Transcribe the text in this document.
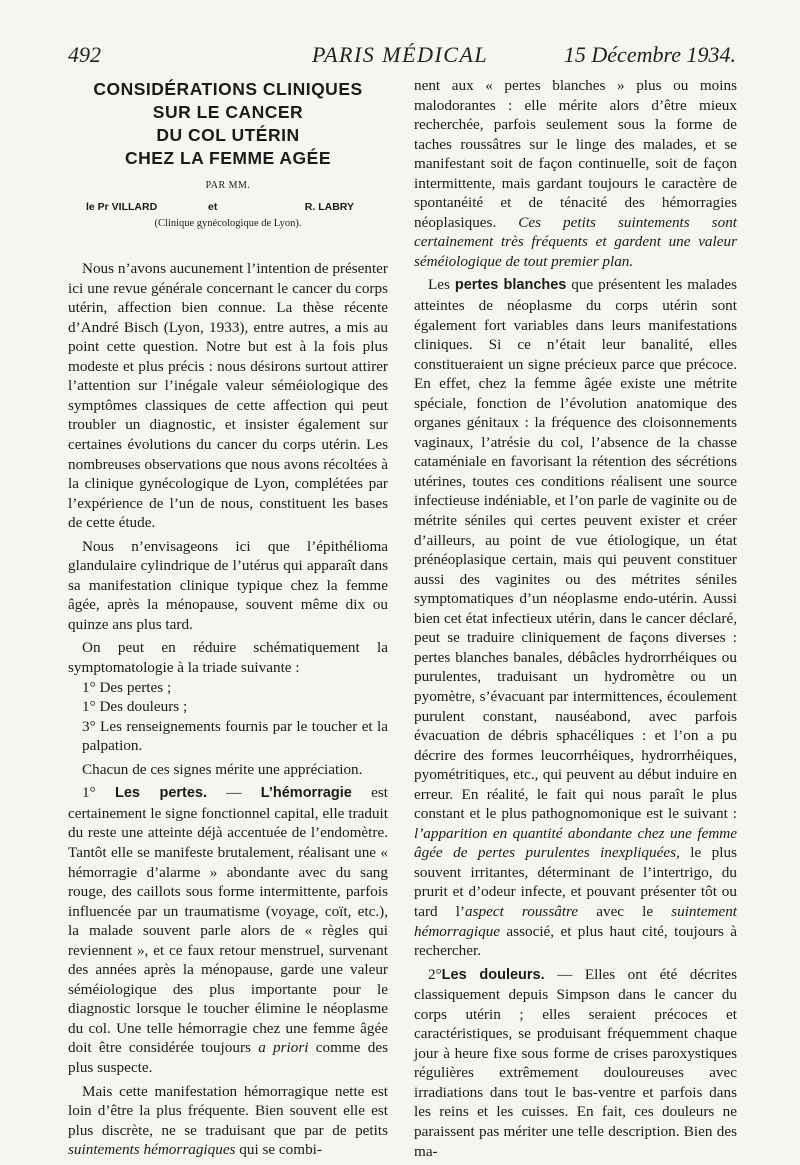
492	PARIS MÉDICAL	15 Décembre 1934.
CONSIDÉRATIONS CLINIQUES
SUR LE CANCER
DU COL UTÉRIN
CHEZ LA FEMME AGÉE
PAR MM.
le Pr VILLARD	et	R. LABRY
(Clinique gynécologique de Lyon).

Nous n’avons aucunement l’intention de présenter ici une revue générale concernant le cancer du corps utérin, affection bien connue. La thèse récente d’André Bisch (Lyon, 1933), entre autres, a mis au point cette question. Notre but est à la fois plus modeste et plus précis : nous désirons surtout attirer l’attention sur l’inégale valeur séméiologique des symptômes classiques de cette affection qui peut troubler un diagnostic, et insister également sur certaines évolutions du cancer du corps utérin. Les nombreuses observations que nous avons récoltées à la clinique gynécologique de Lyon, complétées par l’expérience de l’un de nous, constituent les bases de cette étude.

Nous n’envisageons ici que l’épithélioma glandulaire cylindrique de l’utérus qui apparaît dans sa manifestation clinique typique chez la femme âgée, après la ménopause, souvent même dix ou quinze ans plus tard.

On peut en réduire schématiquement la symptomatologie à la triade suivante :

1° Des pertes ;

1° Des douleurs ;

3° Les renseignements fournis par le toucher et la palpation.

Chacun de ces signes mérite une appréciation.

1° Les pertes. — L’hémorragie est certainement le signe fonctionnel capital, elle traduit du reste une atteinte déjà accentuée de l’endomètre. Tantôt elle se manifeste brutalement, réalisant une « hémorragie d’alarme » abondante avec du sang rouge, des caillots sous forme intermittente, parfois influencée par un traumatisme (voyage, coït, etc.), la malade souvent parle alors de « règles qui reviennent », et ce faux retour menstruel, survenant des années après la ménopause, garde une valeur séméiologique des plus importante pour le diagnostic lorsque le toucher élimine le néoplasme du col. Une telle hémorragie chez une femme âgée doit être considérée toujours a priori comme des plus suspecte.

Mais cette manifestation hémorragique nette est loin d’être la plus fréquente. Bien souvent elle est plus discrète, ne se traduisant que par de petits suintements hémorragiques qui se combi-

nent aux « pertes blanches » plus ou moins malodorantes : elle mérite alors d’être mieux recherchée, parfois seulement sous la forme de taches roussâtres sur le linge des malades, et se manifestant soit de façon continuelle, soit de façon intermittente, mais gardant toujours le caractère de spontanéité et de ténacité des hémorragies néoplasiques. Ces petits suintements sont certainement très fréquents et gardent une valeur séméiologique de tout premier plan.

Les pertes blanches que présentent les malades atteintes de néoplasme du corps utérin sont également fort variables dans leurs manifestations cliniques. Si ce n’était leur banalité, elles constitueraient un signe précieux parce que précoce. En effet, chez la femme âgée existe une métrite spéciale, fonction de l’évolution anatomique des organes génitaux : la fréquence des cloisonnements vaginaux, l’atrésie du col, l’absence de la chasse cataméniale en favorisant la rétention des sécrétions utérines, toutes ces conditions réalisent une source infectieuse indéniable, et l’on parle de vaginite ou de métrite séniles qui certes peuvent exister et créer d’ailleurs, au point de vue étiologique, un état prénéoplasique certain, mais qui peuvent constituer aussi des vaginites ou des métrites séniles symptomatiques d’un néoplasme endo-utérin. Aussi bien cet état infectieux utérin, dans le cancer déclaré, peut se traduire cliniquement de façons diverses : pertes blanches banales, débâcles hydrorrhéiques ou purulentes, traduisant un hydromètre ou un pyomètre, s’évacuant par intermittences, écoulement purulent constant, nauséabond, avec parfois évacuation de débris sphacéliques : et l’on a pu décrire des formes leucorrhéiques, hydrorrhéiques, pyométritiques, etc., qui peuvent au début induire en erreur. En réalité, le fait qui nous paraît le plus constant et le plus pathognomonique est le suivant : l’apparition en quantité abondante chez une femme âgée de pertes purulentes inexpliquées, le plus souvent irritantes, déterminant de l’intertrigo, du prurit et d’odeur infecte, et pouvant présenter tôt ou tard l’aspect roussâtre avec le suintement hémorragique associé, et plus haut cité, toujours à rechercher.

2°Les douleurs. — Elles ont été décrites classiquement depuis Simpson dans le cancer du corps utérin ; elles seraient précoces et caractéristiques, se produisant fréquemment chaque jour à heure fixe sous forme de crises paroxystiques régulières extrêmement douloureuses avec irradiations dans tout le bas-ventre et parfois dans les reins et les cuisses. En fait, ces douleurs ne paraissent pas mériter une telle description. Bien des ma-
